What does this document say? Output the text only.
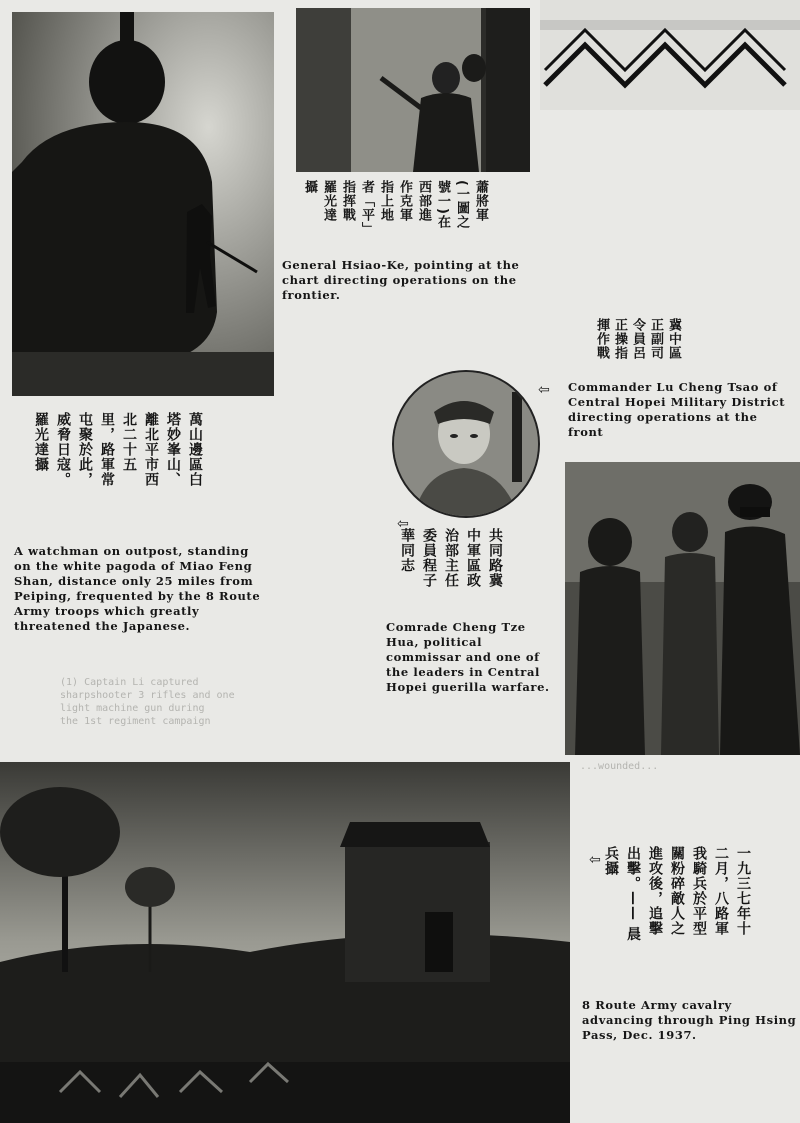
蕭將軍(一圖之號一)在西部進作克軍指上地者「平」指挥戰羅光達攝
General Hsiao-Ke, pointing at the chart directing operations on the frontier.
冀中區正副司令員呂正操指揮作戰
Commander Lu Cheng Tsao of Central Hopei Military District directing operations at the front
⇦
萬山邊區白塔妙峯山、離北平市西北二十五里，路軍常屯聚於此，威脅日寇。羅光達攝
A watchman on outpost, standing on the white pagoda of Miao Feng Shan, distance only 25 miles from Peiping, frequented by the 8 Route Army troops which greatly threatened the Japanese.
共同路冀中軍區政治部主任委員程子華同志
⇦
Comrade Cheng Tze Hua, political commissar and one of the leaders in Central Hopei guerilla warfare.
(1) Captain Li captured
sharpshooter 3 rifles and one
light machine gun during
the 1st regiment campaign
...wounded...
一九三七年十二月，八路軍我騎兵於平型關粉碎敵人之進攻後，追擊出擊。—— 晨兵攝
⇦
8 Route Army cavalry advancing through Ping Hsing Pass, Dec. 1937.
